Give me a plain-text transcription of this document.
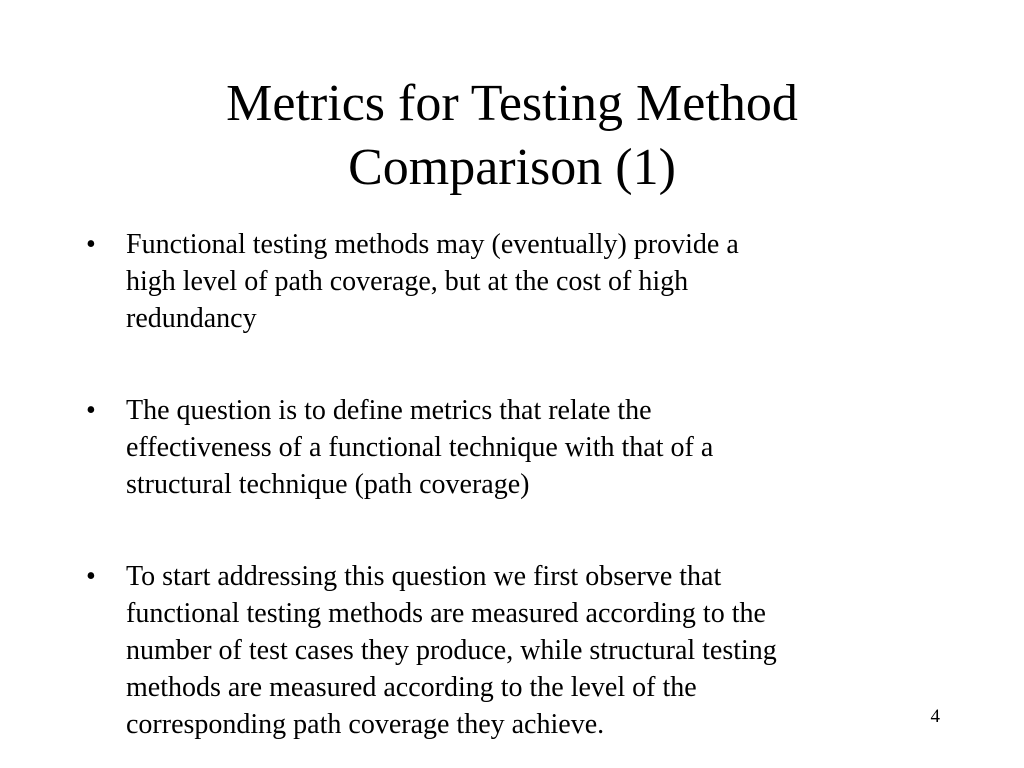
Metrics for Testing Method
Comparison (1)
• Functional testing methods may (eventually) provide a
high level of path coverage, but at the cost of high
redundancy
• The question is to define metrics that relate the
effectiveness of a functional technique with that of a
structural technique (path coverage)
• To start addressing this question we first observe that
functional testing methods are measured according to the
number of test cases they produce, while structural testing
methods are measured according to the level of the
corresponding path coverage they achieve.	4
